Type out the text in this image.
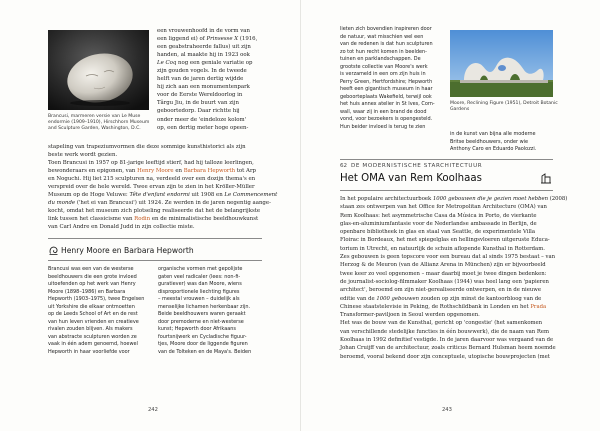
Brancusi, marmeren versie van Le Muse
endormie (1909–1910), Hirschhorn Museum
and Sculpture Garden, Washington, D.C.
een vrouwenhoofd in de vorm van
een liggend ei) of Prinsesse X (1916,
een geabstraheerde fallus) uit zijn
handen, al maakte hij in 1923 ook
Le Coq nog een geniale variatie op
zijn gouden vogels. In de tweede
helft van de jaren dertig wijdde
hij zich aan een monumentenpark
voor de Eerste Wereldoorlog in
Târgu Jiu, in de buurt van zijn
geboortedorp. Daar richtte hij
onder meer de 'eindeloze kolom'
op, een dertig meter hoge opeen-
stapeling van trapeziumvormen die deze sommige kunsthistorici als zijn
beste werk wordt gezien.
Toen Brancusi in 1957 op 81-jarige leeftijd stierf, had hij talloze leerlingen,
bewonderaars en epigonen, van Henry Moore en Barbara Hepworth tot Arp
en Noguchi. Hij liet 215 sculpturen na, verdeeld over een dozijn thema's en
verspreid over de hele wereld. Twee ervan zijn te zien in het Kröller-Müller
Museum op de Hoge Veluwe: Tête d'enfant endormi uit 1908 en Le Commencement
du monde ('het ei van Brancusi') uit 1924. Ze werden in de jaren negentig aange-
kocht, omdat het museum zich plotseling realiseerde dat het de belangrijkste
link tussen het classicisme van Rodin en de minimalistische beeldhouwkunst
van Carl Andre en Donald Judd in zijn collectie miste.
Henry Moore en Barbara Hepworth
Brancusi was een van de westerse
beeldhouwers die een grote invloed
uitoefenden op het werk van Henry
Moore (1898–1986) en Barbara
Hepworth (1903–1975), twee Engelsen
uit Yorkshire die elkaar ontmoetten
op de Leeds School of Art en de rest
van hun leven vrienden en creatieve
rivalen zouden blijven. Als makers
van abstracte sculpturen worden ze
vaak in één adem genoemd, hoewel
Hepworth in haar voorliefde voor
organische vormen met gepolijste
gaten veel radicaler (lees: non-fi-
guratiever) was dan Moore, wiens
disproportionele liechting figures
– meestal vrouwen – duidelijk als
menselijke lichamen herkenbaar zijn.
Beide beeldhouwers waren geraakt
door premoderne en niet-westerse
kunst; Hepworth door Afrikaans
fourtsnijwerk en Cycladische figuur-
tjes, Moore door de liggende figuren
van de Tolteken en de Maya's. Beiden
242
lieten zich bovendien inspireren door
de natuur, wat misschien wel een
van de redenen is dat hun sculpturen
zo tot hun recht komen in beelden-
tuinen en parklandschappen. De
grootste collectie van Moore's werk
is verzameld in een om zijn huis in
Perry Green, Hertfordshire; Hepworth
heeft een gigantisch museum in haar
geboorteplaats Wakefield, terwijl ook
het huis annex atelier in St Ives, Corn-
wall, waar zij in een brand de dood
vond, voor bezoekers is opengesteld.
Hun beider invloed is terug te zien
Moore, Reclining Figure (1951), Detroit Botanic
Gardens
in de kunst van bijna alle moderne
Britse beeldhouwers, onder wie
Anthony Caro en Eduardo Paolozzi.
62 DE MODERNISTISCHE STARCHITECTUUR
Het OMA van Rem Koolhaas
In het populaire architectuurboek 1000 gebouwen die je gezien moet hebben (2008)
staan zes ontwerpen van het Office for Metropolitan Architecture (OMA) van
Rem Koolhaas: het asymmetrische Casa da Música in Porto, de vierkante
glas-en-aluminiumfantasie voor de Nederlandse ambassade in Berlijn, de
openbare bibliotheek in glas en staal van Seattle, de experimentele Villa
Floirac in Bordeaux, het met spiegelglas en hellingsvloeren uitgeruste Educa-
torium in Utrecht, en natuurlijk de schuin aflopende Kunsthal in Rotterdam.
Zes gebouwen is geen topscore voor een bureau dat al sinds 1975 bestaat – van
Herzog & de Meuron (van de Allianz Arena in München) zijn er bijvoorbeeld
twee keer zo veel opgenomen – maar daarbij moet je twee dingen bedenken:
de journalist-sociolog-filmmaker Koolhaas (1944) was heel lang een 'papieren
architect', beroemd om zijn niet-gerealiseerde ontwerpen, en in de nieuwe
editie van de 1000 gebouwen zouden op zijn minst de kantoorbloog van de
Chinese staatstelevisie in Peking, de Rothschildbank in Londen en het Prada
Transformer-paviljoen in Seoul werden opgenomen.
Het was de bouw van de Kunsthal, gericht op 'congestie' (het samenkomen
van verschillende stedelijke functies in één bouwwerk), die de naam van Rem
Koolhaas in 1992 definitief vestigde. In de jaren daarvoor was vergaand van de
Johan Cruijff van de architectuur, zoals criticus Bernard Hulsman heem noemde
beroemd, vooral bekend door zijn conceptuele, utopische bouwprojecten (met
243
